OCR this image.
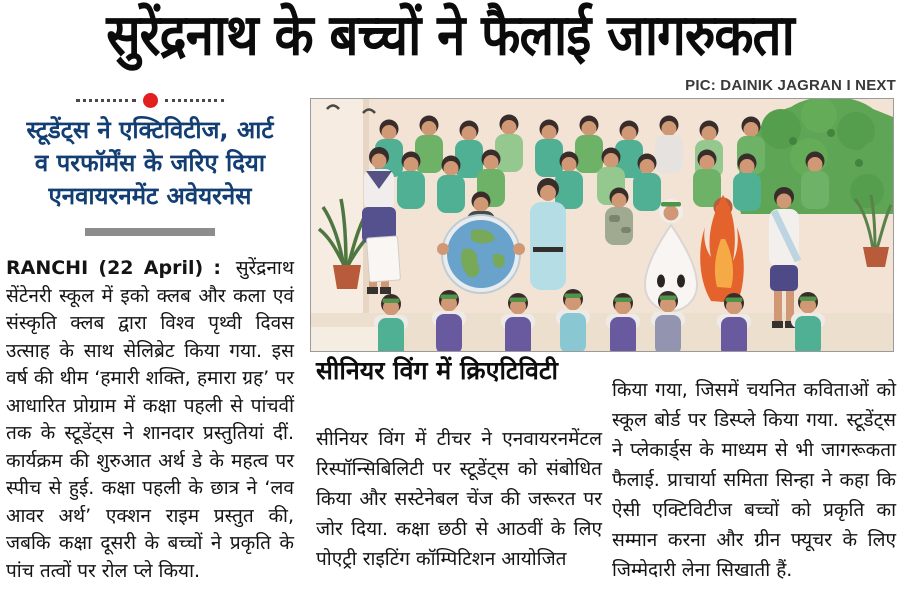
सुरेंद्रनाथ के बच्चों ने फैलाई जागरुकता
PIC: DAINIK JAGRAN I NEXT
स्टूडेंट्स ने एक्टिविटीज, आर्ट
व परफॉर्मेंस के जरिए दिया
एनवायरनमेंट अवेयरनेस

RANCHI (22 April) : सुरेंद्रनाथ सेंटेनरी स्कूल में इको क्लब और कला एवं संस्कृति क्लब द्वारा विश्व पृथ्वी दिवस उत्साह के साथ सेलिब्रेट किया गया. इस वर्ष की थीम ‘हमारी शक्ति, हमारा ग्रह’ पर आधारित प्रोग्राम में कक्षा पहली से पांचवीं तक के स्टूडेंट्स ने शानदार प्रस्तुतियां दीं. कार्यक्रम की शुरुआत अर्थ डे के महत्व पर स्पीच से हुई. कक्षा पहली के छात्र ने ‘लव आवर अर्थ’ एक्शन राइम प्रस्तुत की, जबकि कक्षा दूसरी के बच्चों ने प्रकृति के पांच तत्वों पर रोल प्ले किया.

सीनियर विंग में क्रिएटिविटी

सीनियर विंग में टीचर ने एनवायरनमेंटल रिस्पॉन्सिबिलिटी पर स्टूडेंट्स को संबोधित किया और सस्टेनेबल चेंज की जरूरत पर जोर दिया. कक्षा छठी से आठवीं के लिए पोएट्री राइटिंग कॉम्पिटिशन आयोजित

किया गया, जिसमें चयनित कविताओं को स्कूल बोर्ड पर डिस्प्ले किया गया. स्टूडेंट्स ने प्लेकार्ड्स के माध्यम से भी जागरूकता फैलाई. प्राचार्या समिता सिन्हा ने कहा कि ऐसी एक्टिविटीज बच्चों को प्रकृति का सम्मान करना और ग्रीन फ्यूचर के लिए जिम्मेदारी लेना सिखाती हैं.
